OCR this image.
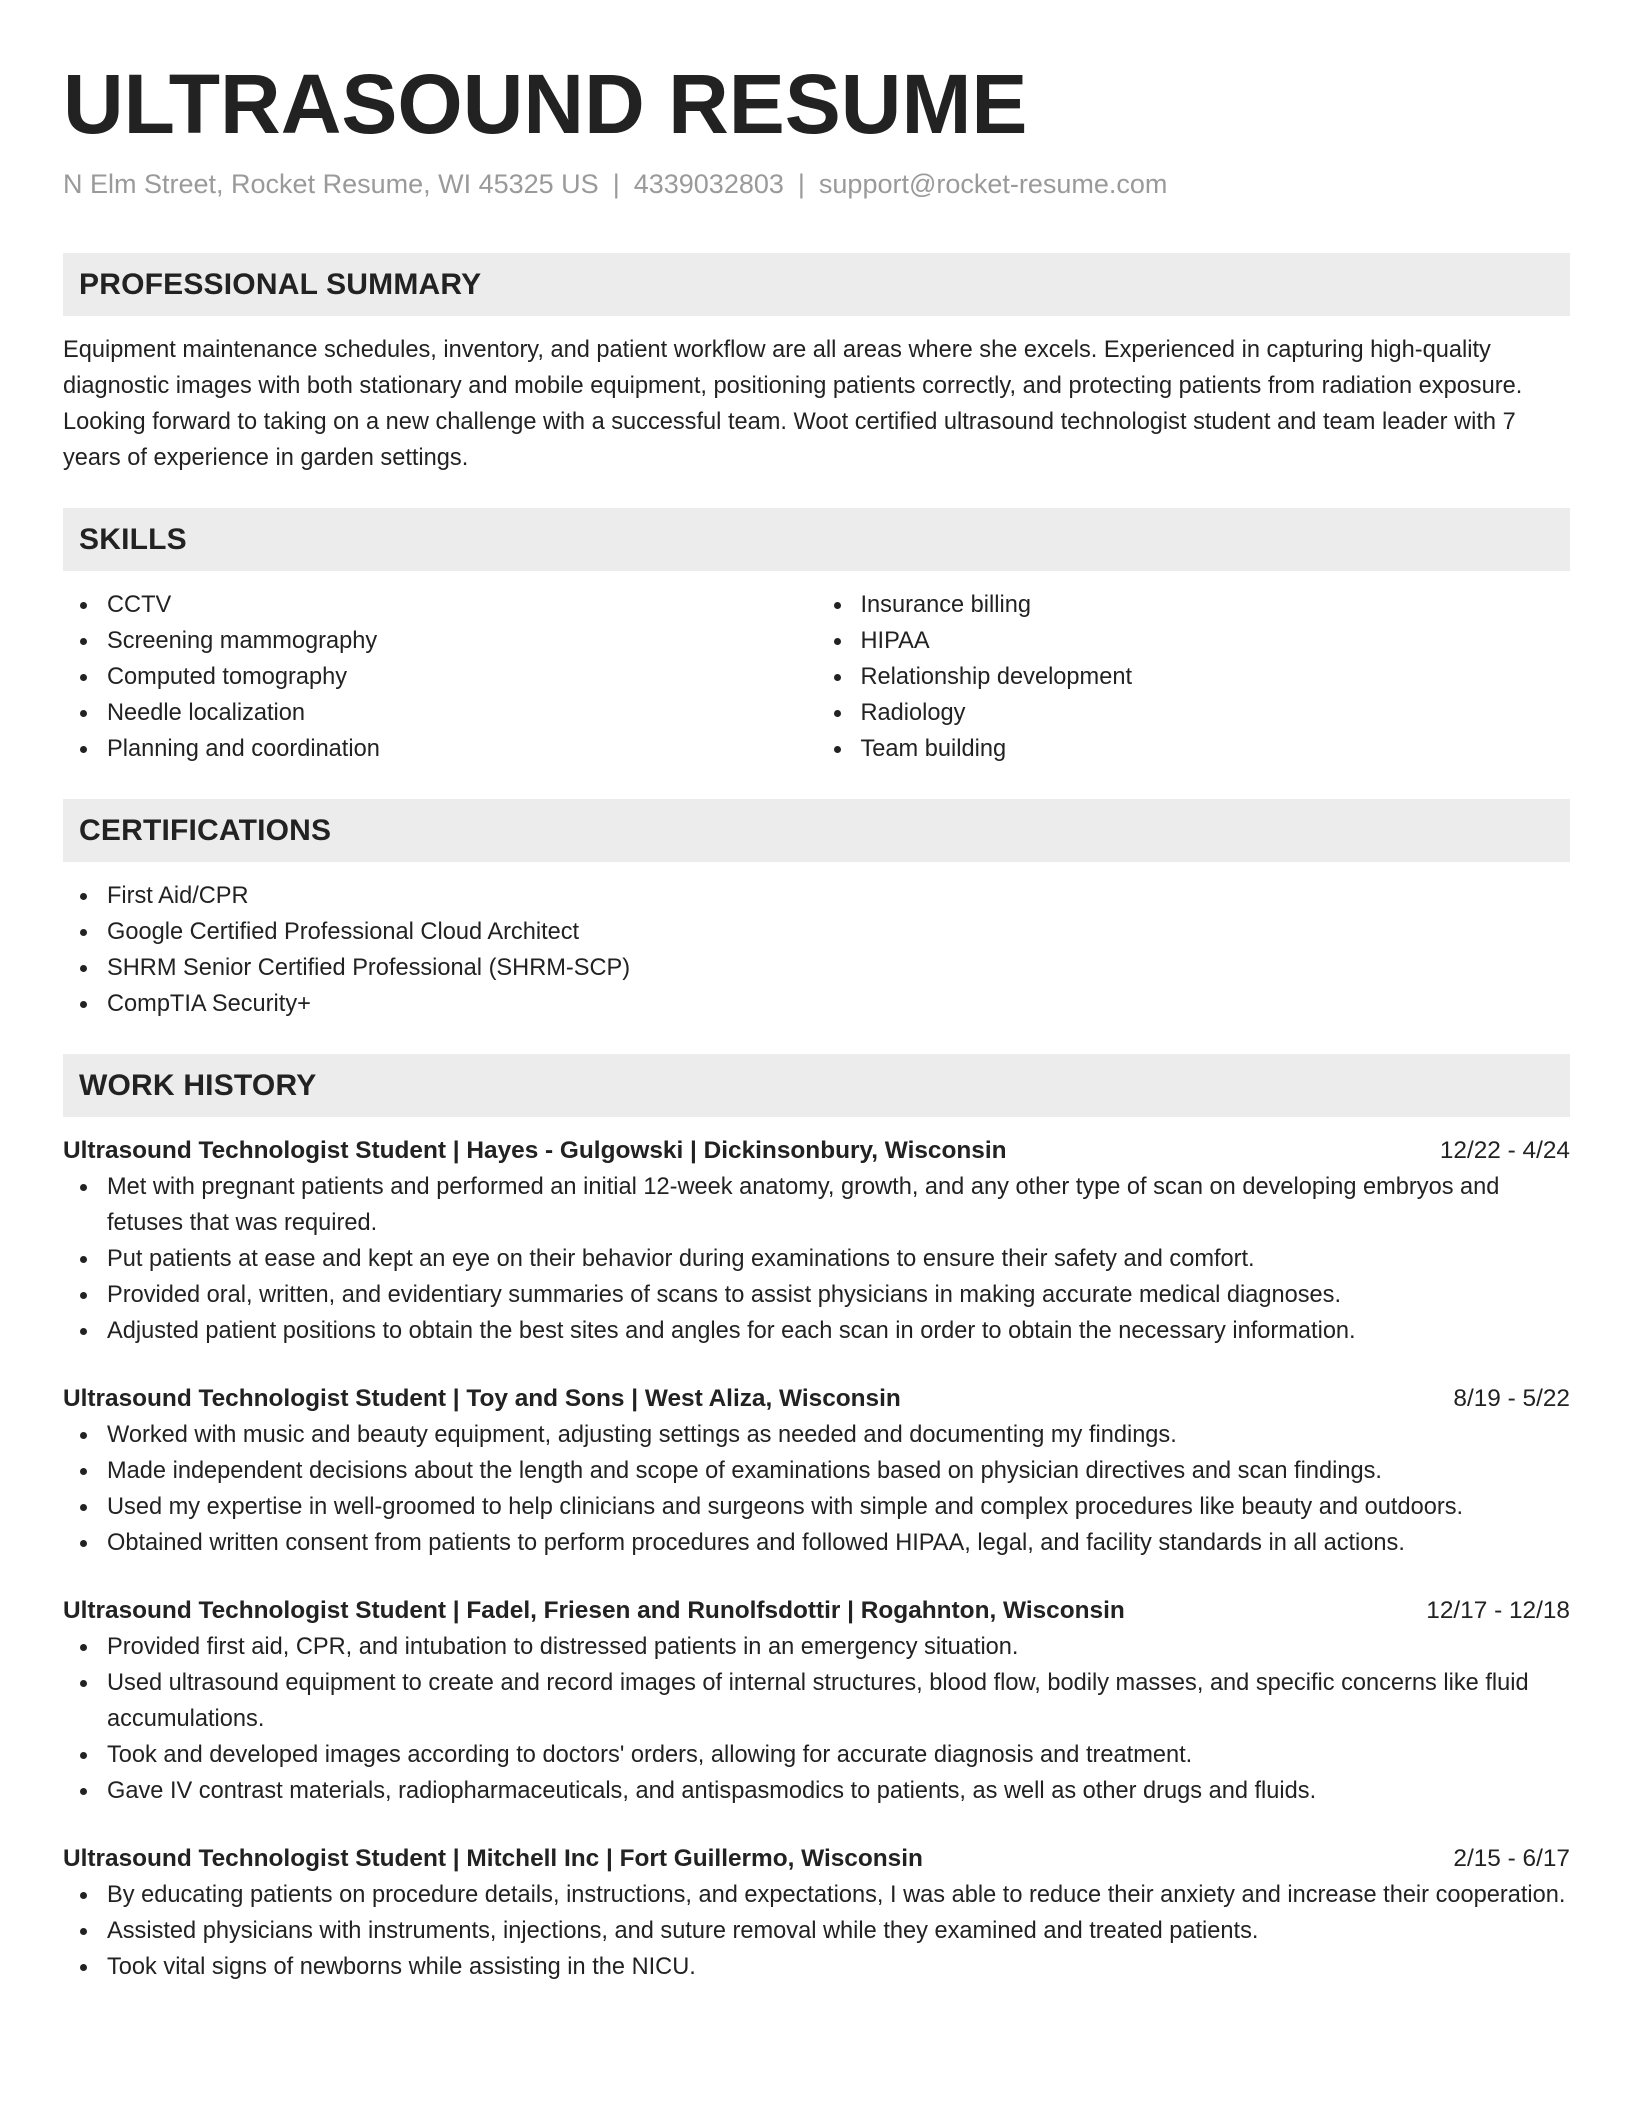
ULTRASOUND RESUME
N Elm Street, Rocket Resume, WI 45325 US | 4339032803 | support@rocket-resume.com
PROFESSIONAL SUMMARY

Equipment maintenance schedules, inventory, and patient workflow are all areas where she excels. Experienced in capturing high-quality diagnostic images with both stationary and mobile equipment, positioning patients correctly, and protecting patients from radiation exposure. Looking forward to taking on a new challenge with a successful team. Woot certified ultrasound technologist student and team leader with 7 years of experience in garden settings.

SKILLS
CCTV
Screening mammography
Computed tomography
Needle localization
Planning and coordination
Insurance billing
HIPAA
Relationship development
Radiology
Team building
CERTIFICATIONS
First Aid/CPR
Google Certified Professional Cloud Architect
SHRM Senior Certified Professional (SHRM-SCP)
CompTIA Security+
WORK HISTORY
Ultrasound Technologist Student | Hayes - Gulgowski | Dickinsonbury, Wisconsin	12/22 - 4/24
Met with pregnant patients and performed an initial 12-week anatomy, growth, and any other type of scan on developing embryos and fetuses that was required.
Put patients at ease and kept an eye on their behavior during examinations to ensure their safety and comfort.
Provided oral, written, and evidentiary summaries of scans to assist physicians in making accurate medical diagnoses.
Adjusted patient positions to obtain the best sites and angles for each scan in order to obtain the necessary information.
Ultrasound Technologist Student | Toy and Sons | West Aliza, Wisconsin	8/19 - 5/22
Worked with music and beauty equipment, adjusting settings as needed and documenting my findings.
Made independent decisions about the length and scope of examinations based on physician directives and scan findings.
Used my expertise in well-groomed to help clinicians and surgeons with simple and complex procedures like beauty and outdoors.
Obtained written consent from patients to perform procedures and followed HIPAA, legal, and facility standards in all actions.
Ultrasound Technologist Student | Fadel, Friesen and Runolfsdottir | Rogahnton, Wisconsin	12/17 - 12/18
Provided first aid, CPR, and intubation to distressed patients in an emergency situation.
Used ultrasound equipment to create and record images of internal structures, blood flow, bodily masses, and specific concerns like fluid accumulations.
Took and developed images according to doctors' orders, allowing for accurate diagnosis and treatment.
Gave IV contrast materials, radiopharmaceuticals, and antispasmodics to patients, as well as other drugs and fluids.
Ultrasound Technologist Student | Mitchell Inc | Fort Guillermo, Wisconsin	2/15 - 6/17
By educating patients on procedure details, instructions, and expectations, I was able to reduce their anxiety and increase their cooperation.
Assisted physicians with instruments, injections, and suture removal while they examined and treated patients.
Took vital signs of newborns while assisting in the NICU.
